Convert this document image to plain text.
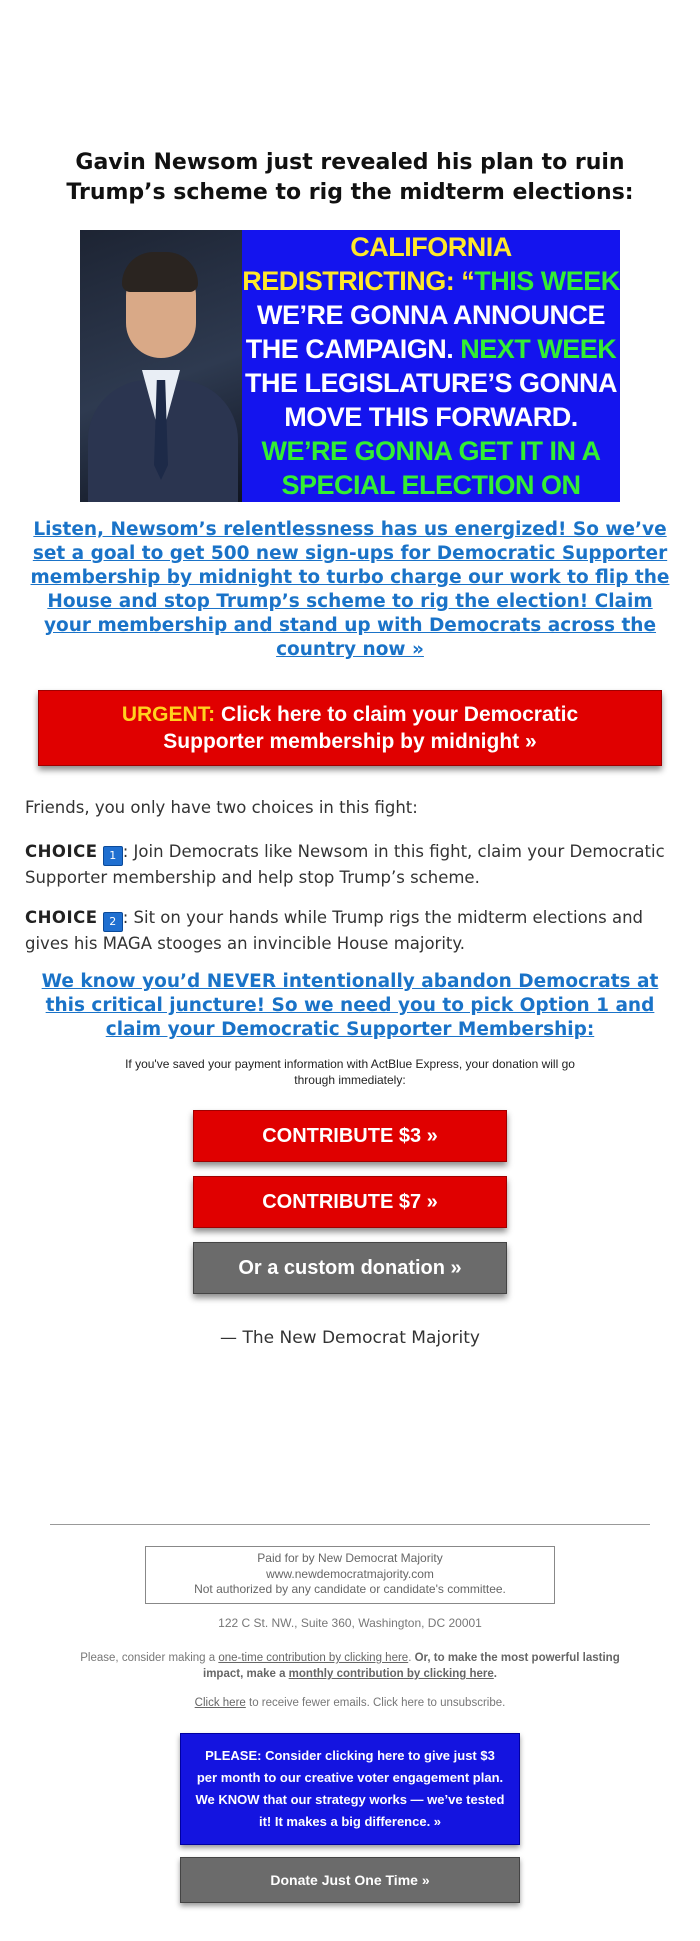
Gavin Newsom just revealed his plan to ruin
Trump’s scheme to rig the midterm elections:
CALIFORNIA REDISTRICTING: “THIS WEEK WE’RE GONNA ANNOUNCE THE CAMPAIGN. NEXT WEEK THE LEGISLATURE’S GONNA MOVE THIS FORWARD. WE’RE GONNA GET IT IN A SPECIAL ELECTION ON
Listen, Newsom’s relentlessness has us energized! So we’ve set a goal to get 500 new sign-ups for Democratic Supporter membership by midnight to turbo charge our work to flip the House and stop Trump’s scheme to rig the election! Claim your membership and stand up with Democrats across the country now »
URGENT: Click here to claim your Democratic Supporter membership by midnight »
Friends, you only have two choices in this fight:
CHOICE 1 : Join Democrats like Newsom in this fight, claim your Democratic Supporter membership and help stop Trump’s scheme.
CHOICE 2 : Sit on your hands while Trump rigs the midterm elections and gives his MAGA stooges an invincible House majority.
We know you’d NEVER intentionally abandon Democrats at this critical juncture! So we need you to pick Option 1 and claim your Democratic Supporter Membership:
If you've saved your payment information with ActBlue Express, your donation will go through immediately:
CONTRIBUTE $3 »
CONTRIBUTE $7 »
Or a custom donation »
— The New Democrat Majority
Paid for by New Democrat Majority
www.newdemocratmajority.com
Not authorized by any candidate or candidate's committee.
122 C St. NW., Suite 360, Washington, DC 20001
Please, consider making a one-time contribution by clicking here. Or, to make the most powerful lasting impact, make a monthly contribution by clicking here.
Click here to receive fewer emails. Click here to unsubscribe.
PLEASE: Consider clicking here to give just $3 per month to our creative voter engagement plan. We KNOW that our strategy works — we’ve tested it! It makes a big difference. »
Donate Just One Time »
